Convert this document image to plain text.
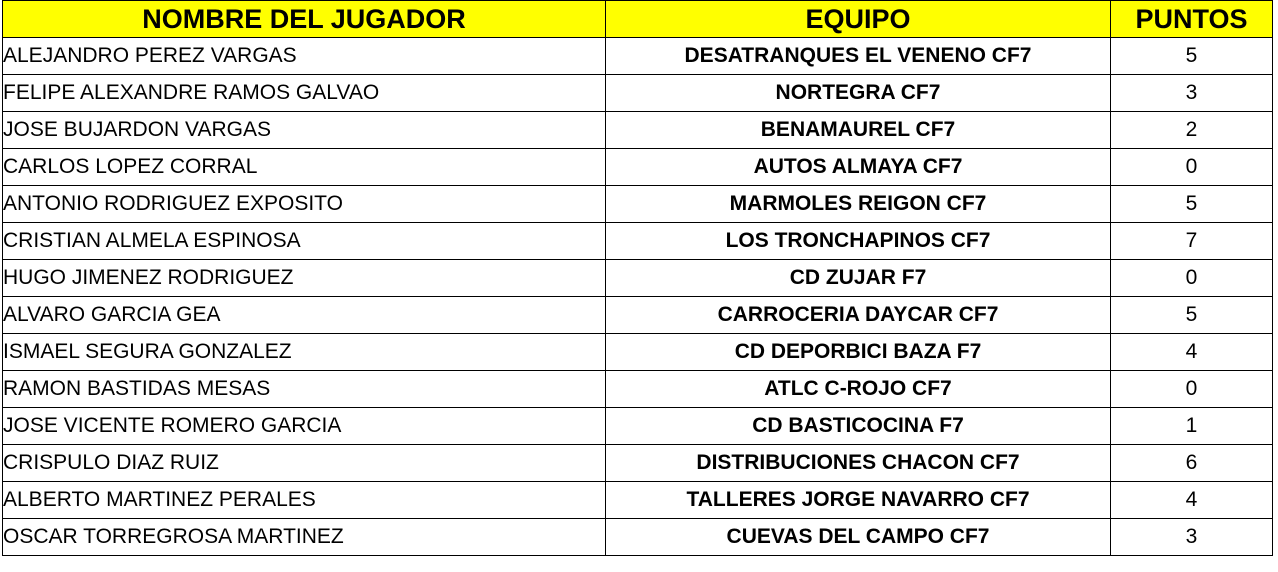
NOMBRE DEL JUGADOR	EQUIPO	PUNTOS
ALEJANDRO PEREZ VARGAS	DESATRANQUES EL VENENO CF7	5
FELIPE ALEXANDRE RAMOS GALVAO	NORTEGRA CF7	3
JOSE BUJARDON VARGAS	BENAMAUREL CF7	2
CARLOS LOPEZ CORRAL	AUTOS ALMAYA CF7	0
ANTONIO RODRIGUEZ EXPOSITO	MARMOLES REIGON CF7	5
CRISTIAN ALMELA ESPINOSA	LOS TRONCHAPINOS CF7	7
HUGO JIMENEZ RODRIGUEZ	CD ZUJAR F7	0
ALVARO GARCIA GEA	CARROCERIA DAYCAR CF7	5
ISMAEL SEGURA GONZALEZ	CD DEPORBICI BAZA F7	4
RAMON BASTIDAS MESAS	ATLC C-ROJO CF7	0
JOSE VICENTE ROMERO GARCIA	CD BASTICOCINA F7	1
CRISPULO DIAZ RUIZ	DISTRIBUCIONES CHACON CF7	6
ALBERTO MARTINEZ PERALES	TALLERES JORGE NAVARRO CF7	4
OSCAR TORREGROSA MARTINEZ	CUEVAS DEL CAMPO CF7	3
